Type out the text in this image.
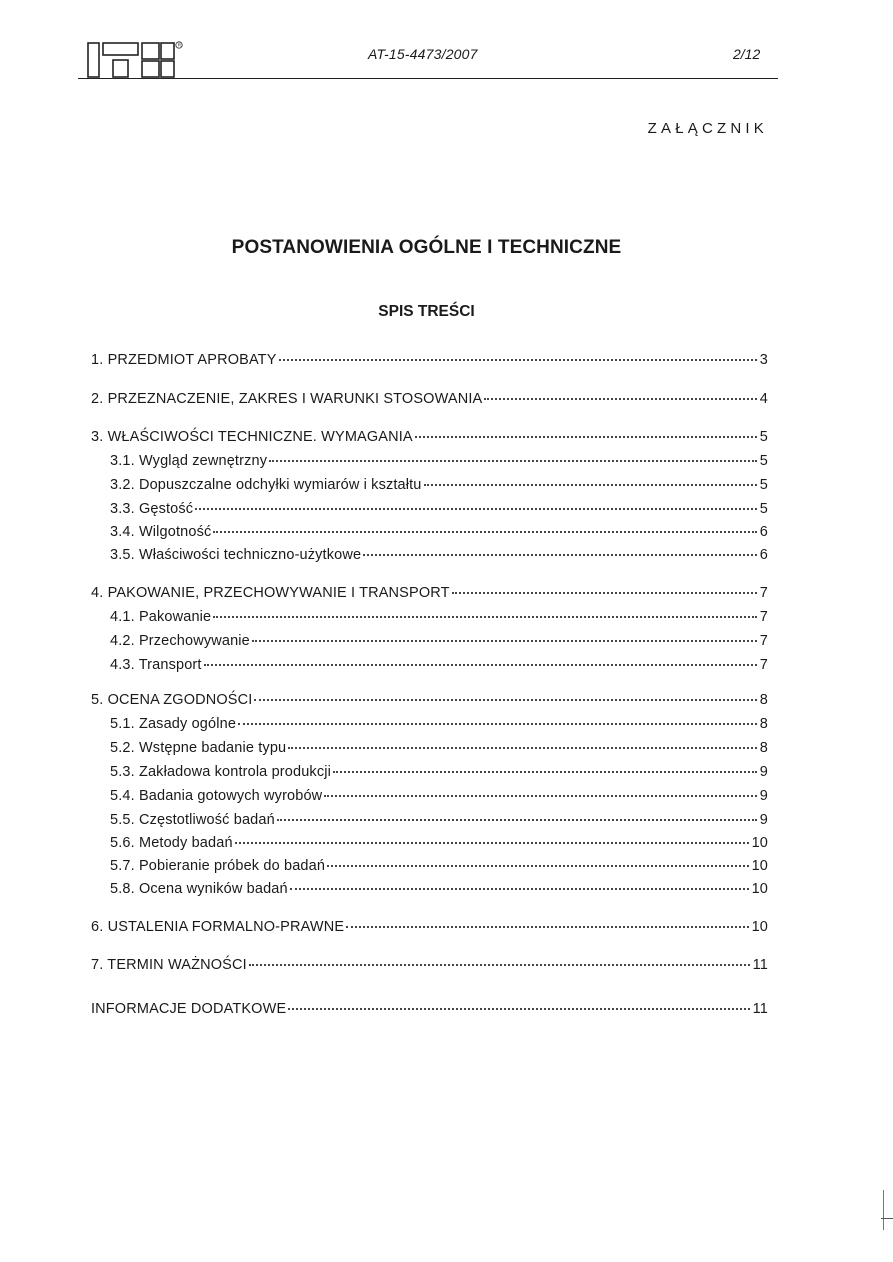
R
AT-15-4473/2007	2/12
ZAŁĄCZNIK
POSTANOWIENIA OGÓLNE I TECHNICZNE
SPIS TREŚCI
1. PRZEDMIOT APROBATY	3
2. PRZEZNACZENIE, ZAKRES I WARUNKI STOSOWANIA	4
3. WŁAŚCIWOŚCI TECHNICZNE. WYMAGANIA	5
3.1. Wygląd zewnętrzny	5
3.2. Dopuszczalne odchyłki wymiarów i kształtu	5
3.3. Gęstość	5
3.4. Wilgotność	6
3.5. Właściwości techniczno-użytkowe	6
4. PAKOWANIE, PRZECHOWYWANIE I TRANSPORT	7
4.1. Pakowanie	7
4.2. Przechowywanie	7
4.3. Transport	7
5. OCENA ZGODNOŚCI	8
5.1. Zasady ogólne	8
5.2. Wstępne badanie typu	8
5.3. Zakładowa kontrola produkcji	9
5.4. Badania gotowych wyrobów	9
5.5. Częstotliwość badań	9
5.6. Metody badań	10
5.7. Pobieranie próbek do badań	10
5.8. Ocena wyników badań	10
6. USTALENIA FORMALNO-PRAWNE	10
7. TERMIN WAŻNOŚCI	11
INFORMACJE DODATKOWE	11
